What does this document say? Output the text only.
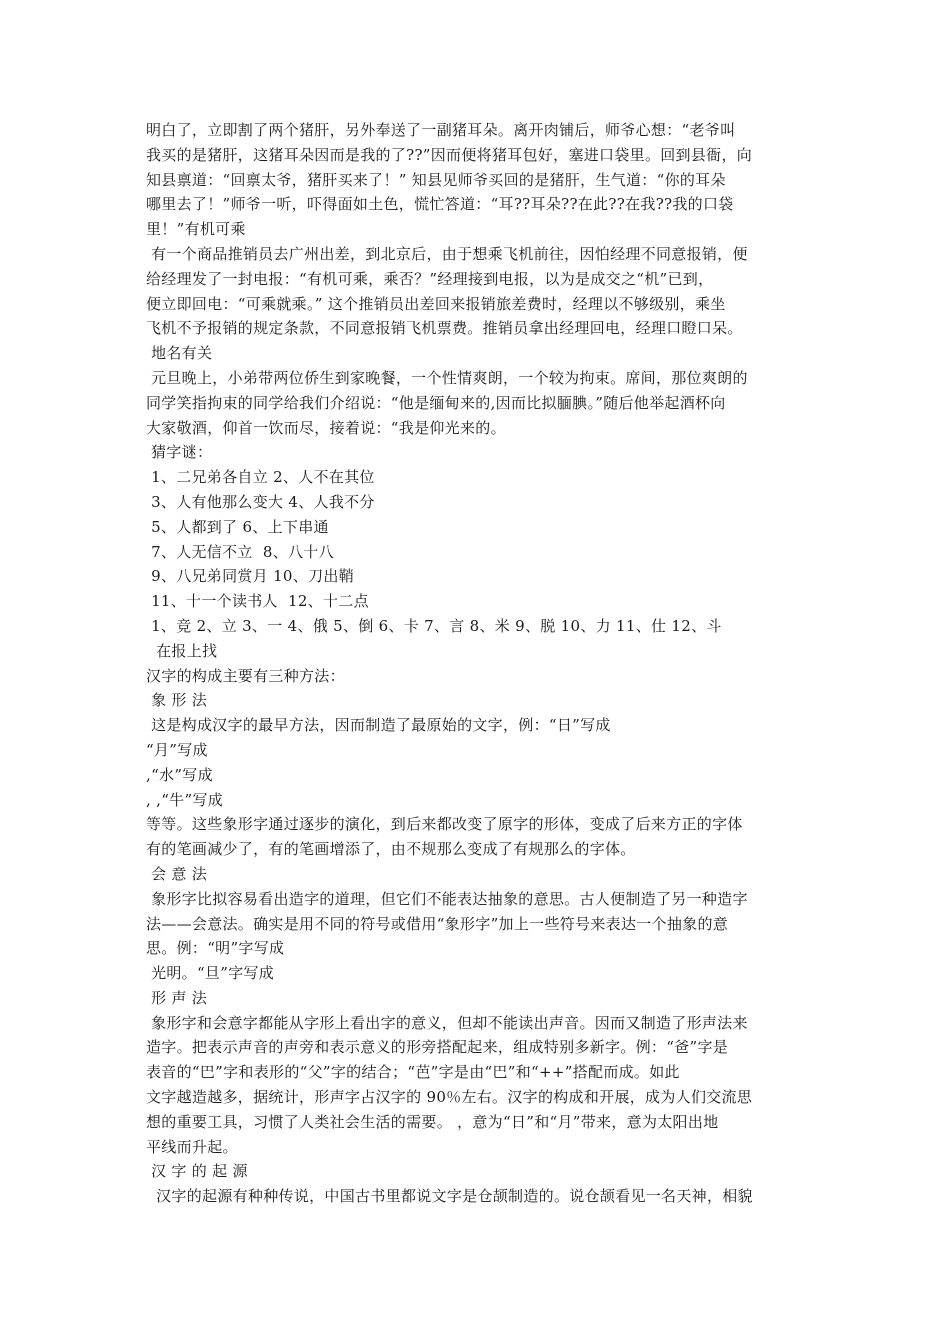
明白了，立即割了两个猪肝，另外奉送了一副猪耳朵。离开肉铺后，师爷心想：“老爷叫
我买的是猪肝，这猪耳朵因而是我的了??”因而便将猪耳包好，塞进口袋里。回到县衙，向
知县禀道：“回禀太爷，猪肝买来了！” 知县见师爷买回的是猪肝，生气道：“你的耳朵
哪里去了！”师爷一听，吓得面如土色，慌忙答道：“耳??耳朵??在此??在我??我的口袋
里！”有机可乘
有一个商品推销员去广州出差，到北京后，由于想乘飞机前往，因怕经理不同意报销，便
给经理发了一封电报：“有机可乘，乘否？”经理接到电报，以为是成交之“机”已到，
便立即回电：“可乘就乘。” 这个推销员出差回来报销旅差费时，经理以不够级别，乘坐
飞机不予报销的规定条款，不同意报销飞机票费。推销员拿出经理回电，经理口瞪口呆。
地名有关
元旦晚上，小弟带两位侨生到家晚餐，一个性情爽朗，一个较为拘束。席间，那位爽朗的
同学笑指拘束的同学给我们介绍说：“他是缅甸来的,因而比拟腼腆。”随后他举起酒杯向
大家敬酒，仰首一饮而尽，接着说：“我是仰光来的。
猜字谜：
1、二兄弟各自立 2、人不在其位
3、人有他那么变大 4、人我不分
5、人都到了 6、上下串通
7、人无信不立  8、八十八
9、八兄弟同赏月 10、刀出鞘
11、十一个读书人  12、十二点
1、竞 2、立 3、一 4、俄 5、倒 6、卡 7、言 8、米 9、脱 10、力 11、仕 12、斗
在报上找
汉字的构成主要有三种方法：
象 形 法
这是构成汉字的最早方法，因而制造了最原始的文字，例：“日”写成
“月”写成
,“水”写成
, ,“牛”写成
等等。这些象形字通过逐步的演化，到后来都改变了原字的形体，变成了后来方正的字体
有的笔画减少了，有的笔画增添了，由不规那么变成了有规那么的字体。
会 意 法
象形字比拟容易看出造字的道理，但它们不能表达抽象的意思。古人便制造了另一种造字
法——会意法。确实是用不同的符号或借用“象形字”加上一些符号来表达一个抽象的意
思。例：“明”字写成
光明。“旦”字写成
形 声 法
象形字和会意字都能从字形上看出字的意义，但却不能读出声音。因而又制造了形声法来
造字。把表示声音的声旁和表示意义的形旁搭配起来，组成特别多新字。例：“爸”字是
表音的“巴”字和表形的“父”字的结合；“芭”字是由“巴”和“++”搭配而成。如此
文字越造越多，据统计，形声字占汉字的 90％左右。汉字的构成和开展，成为人们交流思
想的重要工具，习惯了人类社会生活的需要。 ，意为“日”和“月”带来，意为太阳出地
平线而升起。
汉 字 的 起 源
汉字的起源有种种传说，中国古书里都说文字是仓颉制造的。说仓颉看见一名天神，相貌
